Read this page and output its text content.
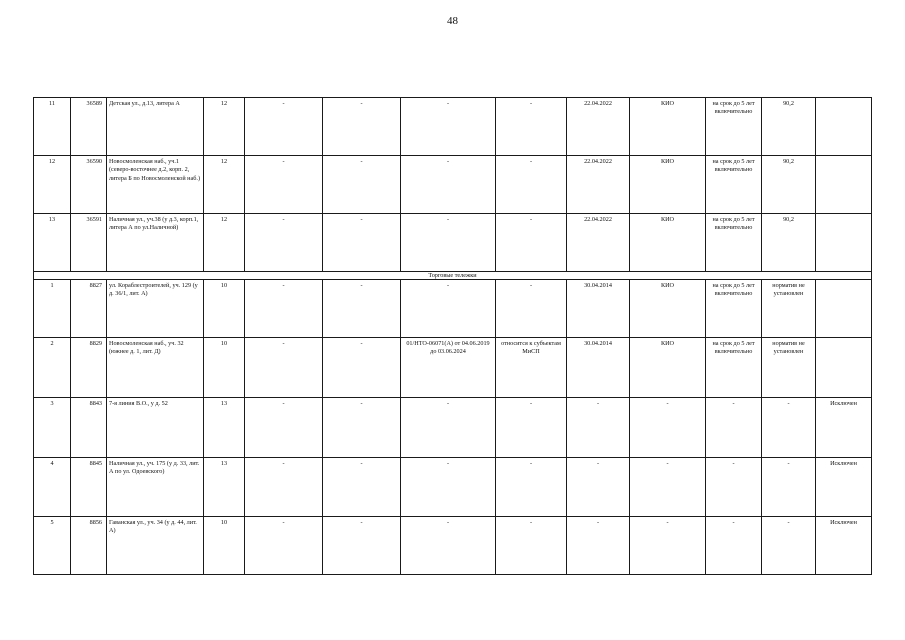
48
11	36589	Детская ул., д.13, литера А	12	-	-	-	-	22.04.2022	КИО	на срок до 5 лет включительно	90,2	
12	36590	Новосмоленская наб., уч.1 (северо-восточнее д.2, корп. 2, литера Б по Новосмоленской наб.)	12	-	-	-	-	22.04.2022	КИО	на срок до 5 лет включительно	90,2	
13	36591	Наличная ул., уч.38 (у д.3, корп.1, литера А по ул.Наличной)	12	-	-	-	-	22.04.2022	КИО	на срок до 5 лет включительно	90,2	
Торговые тележки												
1	8827	ул. Кораблестроителей, уч. 129 (у д. 36/1, лит. А)	10	-	-	-	-	30.04.2014	КИО	на срок до 5 лет включительно	норматив не установлен	
2	8829	Новосмоленская наб., уч. 32 (южнее д. 1, лит. Д)	10	-	-	01/НТО-06071(А) от 04.06.2019 до 03.06.2024	относится к субъектам МиСП	30.04.2014	КИО	на срок до 5 лет включительно	норматив не установлен	
3	8843	7-я линия В.О., у д. 52	13	-	-	-	-	-	-	-	-	Исключен
4	8845	Наличная ул., уч. 175 (у д. 33, лит. А по ул. Одоевского)	13	-	-	-	-	-	-	-	-	Исключен
5	8856	Гаванская ул., уч. 34 (у д. 44, лит. А)	10	-	-	-	-	-	-	-	-	Исключен
